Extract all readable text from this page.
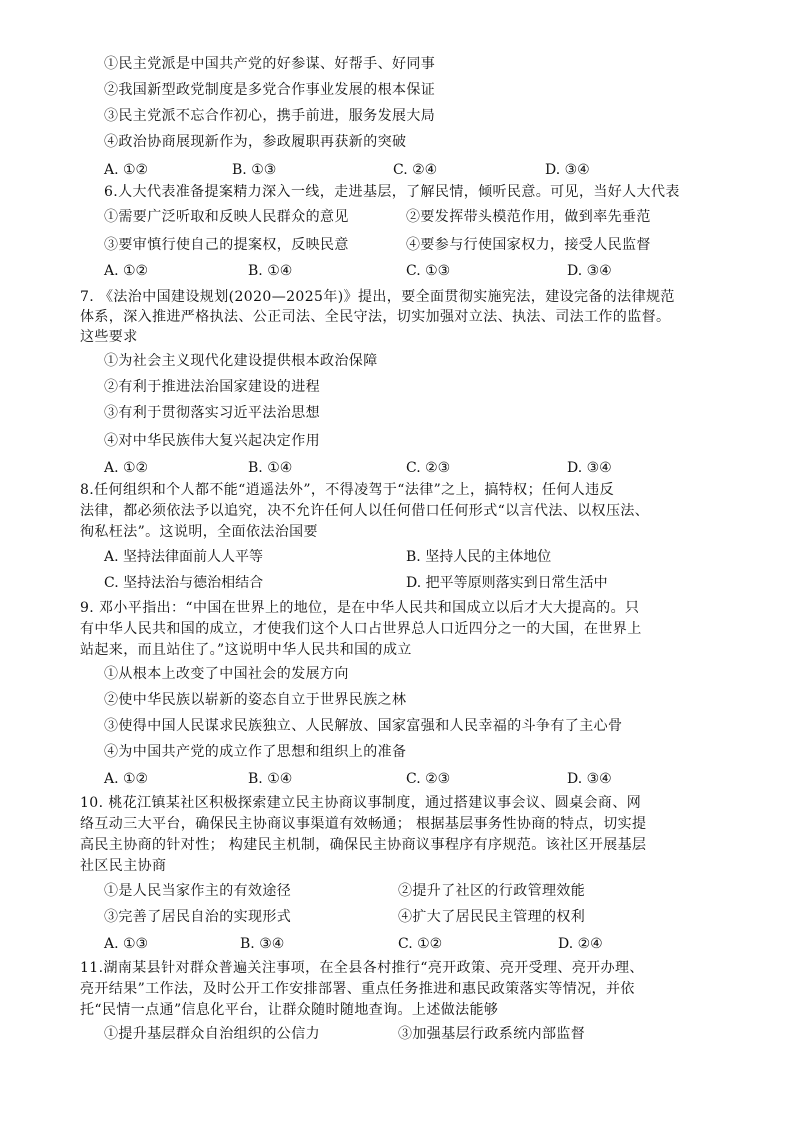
①民主党派是中国共产党的好参谋、好帮手、好同事
②我国新型政党制度是多党合作事业发展的根本保证
③民主党派不忘合作初心，携手前进，服务发展大局
④政治协商展现新作为，参政履职再获新的突破
A. ①②	B. ①③	C. ②④	D. ③④
6.人大代表准备提案精力深入一线，走进基层，了解民情，倾听民意。可见，当好人大代表
①需要广泛听取和反映人民群众的意见	②要发挥带头模范作用，做到率先垂范
③要审慎行使自己的提案权，反映民意	④要参与行使国家权力，接受人民监督
A. ①②	B. ①④	C. ①③	D. ③④
7. 《法治中国建设规划(2020—2025年)》提出，要全面贯彻实施宪法，建设完备的法律规范
体系，深入推进严格执法、公正司法、全民守法，切实加强对立法、执法、司法工作的监督。
这些要求
①为社会主义现代化建设提供根本政治保障
②有利于推进法治国家建设的进程
③有利于贯彻落实习近平法治思想
④对中华民族伟大复兴起决定作用
A. ①②	B. ①④	C. ②③	D. ③④
8.任何组织和个人都不能“逍遥法外”，不得凌驾于“法律”之上，搞特权；任何人违反
法律，都必须依法予以追究，决不允许任何人以任何借口任何形式“以言代法、以权压法、
徇私枉法”。这说明，全面依法治国要
A. 坚持法律面前人人平等	B. 坚持人民的主体地位
C. 坚持法治与德治相结合	D. 把平等原则落实到日常生活中
9. 邓小平指出：“中国在世界上的地位，是在中华人民共和国成立以后才大大提高的。只
有中华人民共和国的成立，才使我们这个人口占世界总人口近四分之一的大国，在世界上
站起来，而且站住了。”这说明中华人民共和国的成立
①从根本上改变了中国社会的发展方向
②使中华民族以崭新的姿态自立于世界民族之林
③使得中国人民谋求民族独立、人民解放、国家富强和人民幸福的斗争有了主心骨
④为中国共产党的成立作了思想和组织上的准备
A. ①②	B. ①④	C. ②③	D. ③④
10. 桃花江镇某社区积极探索建立民主协商议事制度，通过搭建议事会议、圆桌会商、网
络互动三大平台，确保民主协商议事渠道有效畅通； 根据基层事务性协商的特点，切实提
高民主协商的针对性； 构建民主机制，确保民主协商议事程序有序规范。该社区开展基层
社区民主协商
①是人民当家作主的有效途径	②提升了社区的行政管理效能
③完善了居民自治的实现形式	④扩大了居民民主管理的权利
A. ①③	B. ③④	C. ①②	D. ②④
11.湖南某县针对群众普遍关注事项，在全县各村推行“亮开政策、亮开受理、亮开办理、
亮开结果”工作法，及时公开工作安排部署、重点任务推进和惠民政策落实等情况，并依
托“民情一点通”信息化平台，让群众随时随地查询。上述做法能够
①提升基层群众自治组织的公信力	③加强基层行政系统内部监督
